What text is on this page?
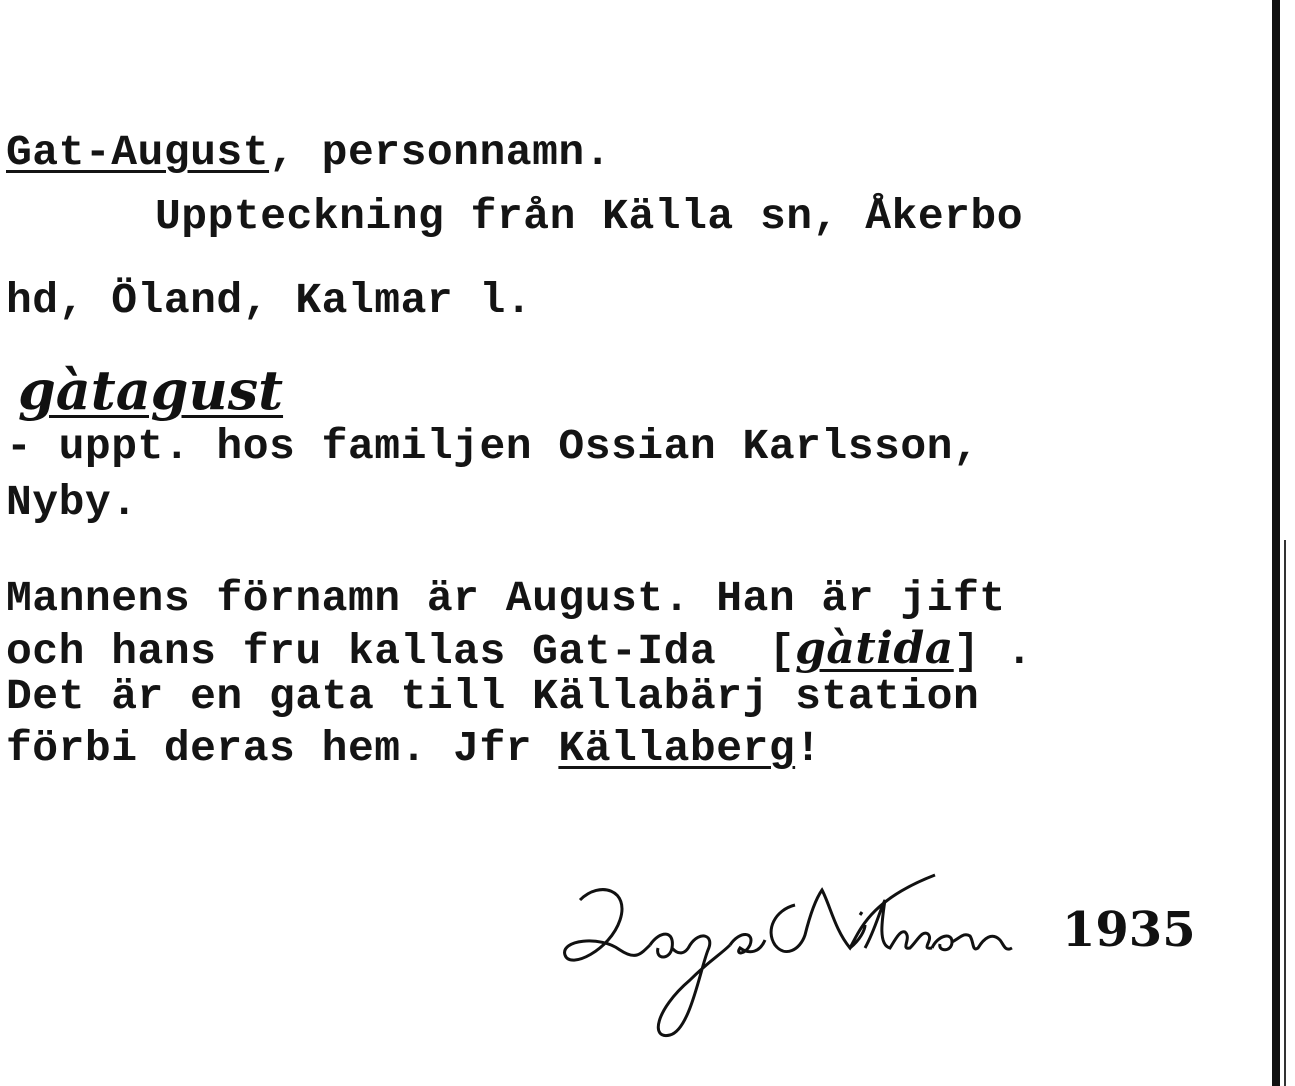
Gat-August, personnamn.
Uppteckning från Källa sn, Åkerbo
hd, Öland, Kalmar l.
gàtagust
- uppt. hos familjen Ossian Karlsson,
Nyby.
Mannens förnamn är August. Han är jift
och hans fru kallas Gat-Ida  [gàtida] .
Det är en gata till Källabärj station
förbi deras hem. Jfr Källaberg!
1935
